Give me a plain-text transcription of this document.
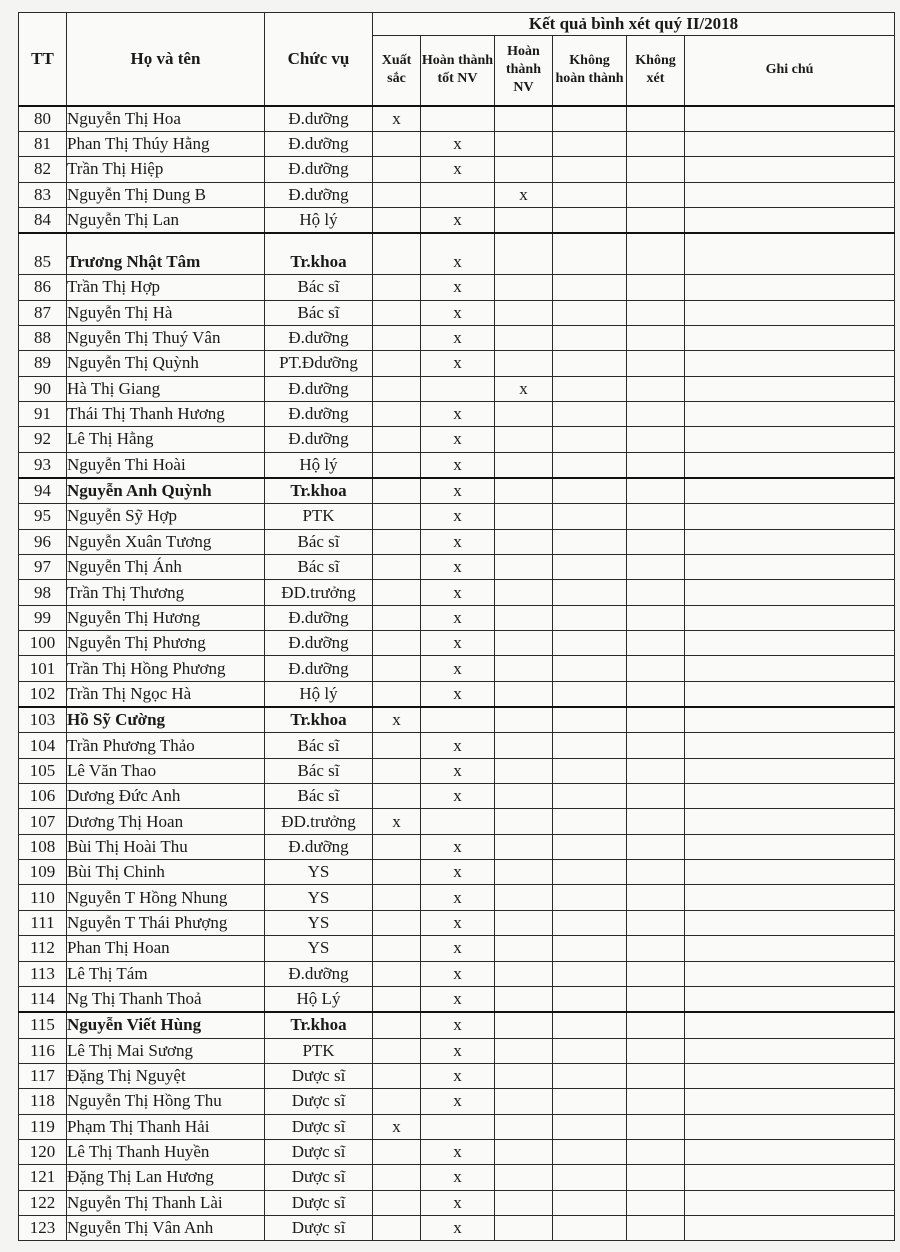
TT	Họ và tên	Chức vụ	Kết quả bình xét quý II/2018					
			Xuất sắc	Hoàn thành tốt NV	Hoàn thành NV	Không hoàn thành	Không xét	Ghi chú
80	Nguyễn Thị Hoa	Đ.dưỡng	x					
81	Phan Thị Thúy Hằng	Đ.dưỡng		x				
82	Trần Thị Hiệp	Đ.dưỡng		x				
83	Nguyễn Thị Dung B	Đ.dưỡng			x			
84	Nguyễn Thị Lan	Hộ lý		x				
85	Trương Nhật Tâm	Tr.khoa		x				
86	Trần Thị Hợp	Bác sĩ		x				
87	Nguyễn Thị Hà	Bác sĩ		x				
88	Nguyễn Thị Thuý Vân	Đ.dưỡng		x				
89	Nguyễn Thị Quỳnh	PT.Đdưỡng		x				
90	Hà Thị Giang	Đ.dưỡng			x			
91	Thái Thị Thanh Hương	Đ.dưỡng		x				
92	Lê Thị Hằng	Đ.dưỡng		x				
93	Nguyễn Thi Hoài	Hộ lý		x				
94	Nguyễn Anh Quỳnh	Tr.khoa		x				
95	Nguyễn Sỹ Hợp	PTK		x				
96	Nguyễn Xuân Tương	Bác sĩ		x				
97	Nguyễn Thị Ánh	Bác sĩ		x				
98	Trần Thị Thương	ĐD.trưởng		x				
99	Nguyễn Thị Hương	Đ.dưỡng		x				
100	Nguyễn Thị Phương	Đ.dưỡng		x				
101	Trần Thị Hồng Phương	Đ.dưỡng		x				
102	Trần Thị Ngọc Hà	Hộ lý		x				
103	Hồ Sỹ Cường	Tr.khoa	x					
104	Trần Phương Thảo	Bác sĩ		x				
105	Lê Văn Thao	Bác sĩ		x				
106	Dương Đức Anh	Bác sĩ		x				
107	Dương Thị Hoan	ĐD.trưởng	x					
108	Bùi Thị Hoài Thu	Đ.dưỡng		x				
109	Bùi Thị Chinh	YS		x				
110	Nguyễn T Hồng Nhung	YS		x				
111	Nguyễn T Thái Phượng	YS		x				
112	Phan Thị Hoan	YS		x				
113	Lê Thị Tám	Đ.dưỡng		x				
114	Ng Thị Thanh Thoả	Hộ Lý		x				
115	Nguyễn Viết Hùng	Tr.khoa		x				
116	Lê Thị Mai Sương	PTK		x				
117	Đặng Thị Nguyệt	Dược sĩ		x				
118	Nguyễn Thị Hồng Thu	Dược sĩ		x				
119	Phạm Thị Thanh Hải	Dược sĩ	x					
120	Lê Thị Thanh Huyền	Dược sĩ		x				
121	Đặng Thị Lan Hương	Dược sĩ		x				
122	Nguyễn Thị Thanh Lài	Dược sĩ		x				
123	Nguyễn Thị Vân Anh	Dược sĩ		x				
